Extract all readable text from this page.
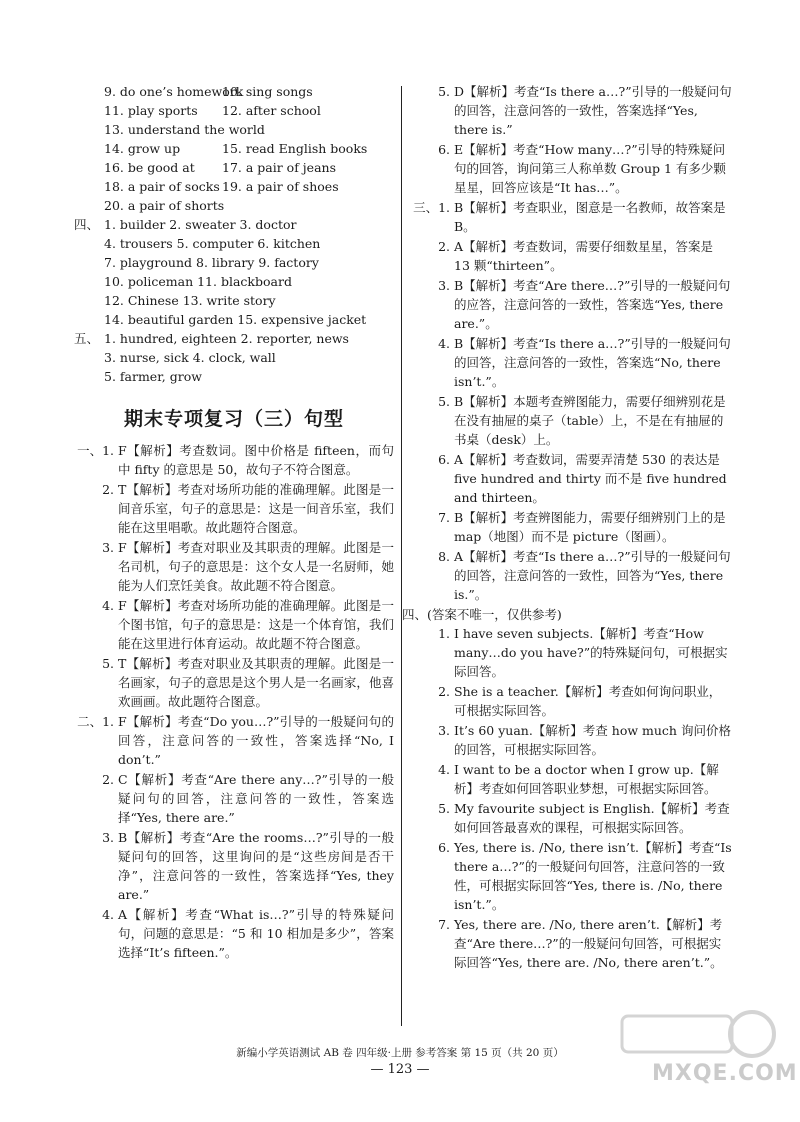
9. do one’s homework
10. sing songs
11. play sports	12. after school
13. understand the world
14. grow up	15. read English books
16. be good at	17. a pair of jeans
18. a pair of socks 19. a pair of shoes
20. a pair of shorts
四、 1. builder 2. sweater 3. doctor
4. trousers 5. computer 6. kitchen
7. playground 8. library 9. factory
10. policeman 11. blackboard
12. Chinese 13. write story
14. beautiful garden 15. expensive jacket
五、 1. hundred, eighteen 2. reporter, news
3. nurse, sick 4. clock, wall
5. farmer, grow
期末专项复习（三）句型
一、1. F【解析】考查数词。图中价格是 fifteen，而句中 fifty 的意思是 50，故句子不符合图意。
2. T【解析】考查对场所功能的准确理解。此图是一间音乐室，句子的意思是：这是一间音乐室，我们能在这里唱歌。故此题符合图意。
3. F【解析】考查对职业及其职责的理解。此图是一名司机，句子的意思是：这个女人是一名厨师，她能为人们烹饪美食。故此题不符合图意。
4. F【解析】考查对场所功能的准确理解。此图是一个图书馆，句子的意思是：这是一个体育馆，我们能在这里进行体育运动。故此题不符合图意。
5. T【解析】考查对职业及其职责的理解。此图是一名画家，句子的意思是这个男人是一名画家，他喜欢画画。故此题符合图意。
二、1. F【解析】考查“Do you…?”引导的一般疑问句的回答，注意问答的一致性，答案选择“No, I don’t.”
2. C【解析】考查“Are there any…?”引导的一般疑问句的回答，注意问答的一致性，答案选择“Yes, there are.”
3. B【解析】考查“Are the rooms…?”引导的一般疑问句的回答，这里询问的是“这些房间是否干净”，注意问答的一致性，答案选择“Yes, they are.”
4. A【解析】考查“What is…?”引导的特殊疑问句，问题的意思是：“5 和 10 相加是多少”，答案选择“It’s fifteen.”。
5. D【解析】考查“Is there a…?”引导的一般疑问句的回答，注意问答的一致性，答案选择“Yes, there is.”
6. E【解析】考查“How many…?”引导的特殊疑问句的回答，询问第三人称单数 Group 1 有多少颗星星，回答应该是“It has…”。
三、1. B【解析】考查职业，图意是一名教师，故答案是 B。
2. A【解析】考查数词，需要仔细数星星，答案是 13 颗“thirteen”。
3. B【解析】考查“Are there…?”引导的一般疑问句的应答，注意问答的一致性，答案选“Yes, there are.”。
4. B【解析】考查“Is there a…?”引导的一般疑问句的回答，注意问答的一致性，答案选“No, there isn’t.”。
5. B【解析】本题考查辨图能力，需要仔细辨别花是在没有抽屉的桌子（table）上，不是在有抽屉的书桌（desk）上。
6. A【解析】考查数词，需要弄清楚 530 的表达是 five hundred and thirty 而不是 five hundred and thirteen。
7. B【解析】考查辨图能力，需要仔细辨别门上的是 map（地图）而不是 picture（图画）。
8. A【解析】考查“Is there a…?”引导的一般疑问句的回答，注意问答的一致性，回答为“Yes, there is.”。
四、(答案不唯一，仅供参考)
1. I have seven subjects.【解析】考查“How many…do you have?”的特殊疑问句，可根据实际回答。
2. She is a teacher.【解析】考查如何询问职业，可根据实际回答。
3. It’s 60 yuan.【解析】考查 how much 询问价格的回答，可根据实际回答。
4. I want to be a doctor when I grow up.【解析】考查如何回答职业梦想，可根据实际回答。
5. My favourite subject is English.【解析】考查如何回答最喜欢的课程，可根据实际回答。
6. Yes, there is. /No, there isn’t.【解析】考查“Is there a…?”的一般疑问句回答，注意问答的一致性，可根据实际回答“Yes, there is. /No, there isn’t.”。
7. Yes, there are. /No, there aren’t.【解析】考查“Are there…?”的一般疑问句回答，可根据实际回答“Yes, there are. /No, there aren’t.”。
新编小学英语测试 AB 卷 四年级·上册 参考答案 第 15 页（共 20 页）
— 123 —	MXQE.COM
